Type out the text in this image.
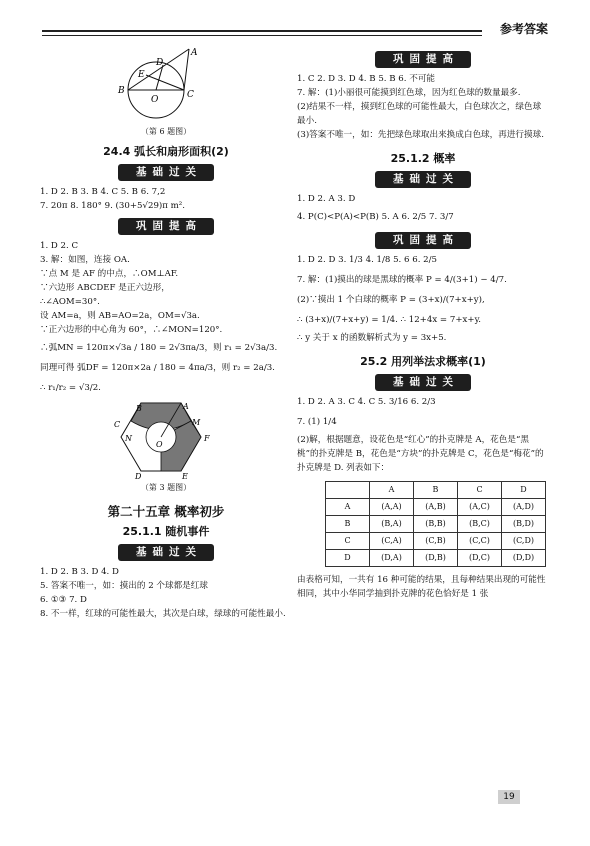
参考答案
A
D
E
B
O	C
（第 6 题图）
24.4 弧长和扇形面积(2)
基础过关
1. D 2. B 3. B 4. C 5. B 6. 7,2
7. 20π 8. 180° 9. (30+5√29)π m².
巩固提高
1. D 2. C
3. 解：如图，连接 OA.
∵点 M 是 AF 的中点，∴OM⊥AF.
∵六边形 ABCDEF 是正六边形，
∴∠AOM=30°.
设 AM=a，则 AB=AO=2a，OM=√3a.
∵正六边形的中心角为 60°，∴∠MON=120°.
∴弧MN = 120π×√3a / 180 = 2√3πa/3，则 r₁ = 2√3a/3.
同理可得 弧DF = 120π×2a / 180 = 4πa/3，则 r₂ = 2a/3.
∴ r₁/r₂ = √3/2.
B	A
C
N
O
M
F
D	E
（第 3 题图）
第二十五章 概率初步
25.1.1 随机事件
基础过关
1. D 2. B 3. D 4. D
5. 答案不唯一，如：摸出的 2 个球都是红球
6. ①③ 7. D
8. 不一样，红球的可能性最大，其次是白球，绿球的可能性最小.
巩固提高
1. C 2. D 3. D 4. B 5. B 6. 不可能
7. 解：(1)小丽很可能摸到红色球，因为红色球的数量最多.
(2)结果不一样，摸到红色球的可能性最大，白色球次之，绿色球最小.
(3)答案不唯一，如：先把绿色球取出来换成白色球，再进行摸球.
25.1.2 概率
基础过关
1. D 2. A 3. D
4. P(C)<P(A)<P(B) 5. A 6. 2/5 7. 3/7
巩固提高
1. D 2. D 3. 1/3 4. 1/8 5. 6 6. 2/5
7. 解：(1)摸出的球是黑球的概率 P = 4/(3+1) − 4/7.
(2)∵摸出 1 个白球的概率 P = (3+x)/(7+x+y),
∴ (3+x)/(7+x+y) = 1/4. ∴ 12+4x = 7+x+y.
∴ y 关于 x 的函数解析式为 y = 3x+5.
25.2 用列举法求概率(1)
基础过关
1. D 2. A 3. C 4. C 5. 3/16 6. 2/3
7. (1) 1/4
(2)解，根据题意，设花色是“红心”的扑克牌是 A，花色是“黑桃”的扑克牌是 B，花色是“方块”的扑克牌是 C，花色是“梅花”的扑克牌是 D. 列表如下：
	A	B	C	D
A	(A,A)	(A,B)	(A,C)	(A,D)
B	(B,A)	(B,B)	(B,C)	(B,D)
C	(C,A)	(C,B)	(C,C)	(C,D)
D	(D,A)	(D,B)	(D,C)	(D,D)
由表格可知，一共有 16 种可能的结果，且每种结果出现的可能性相同，其中小华同学抽到扑克牌的花色恰好是 1 张
19
